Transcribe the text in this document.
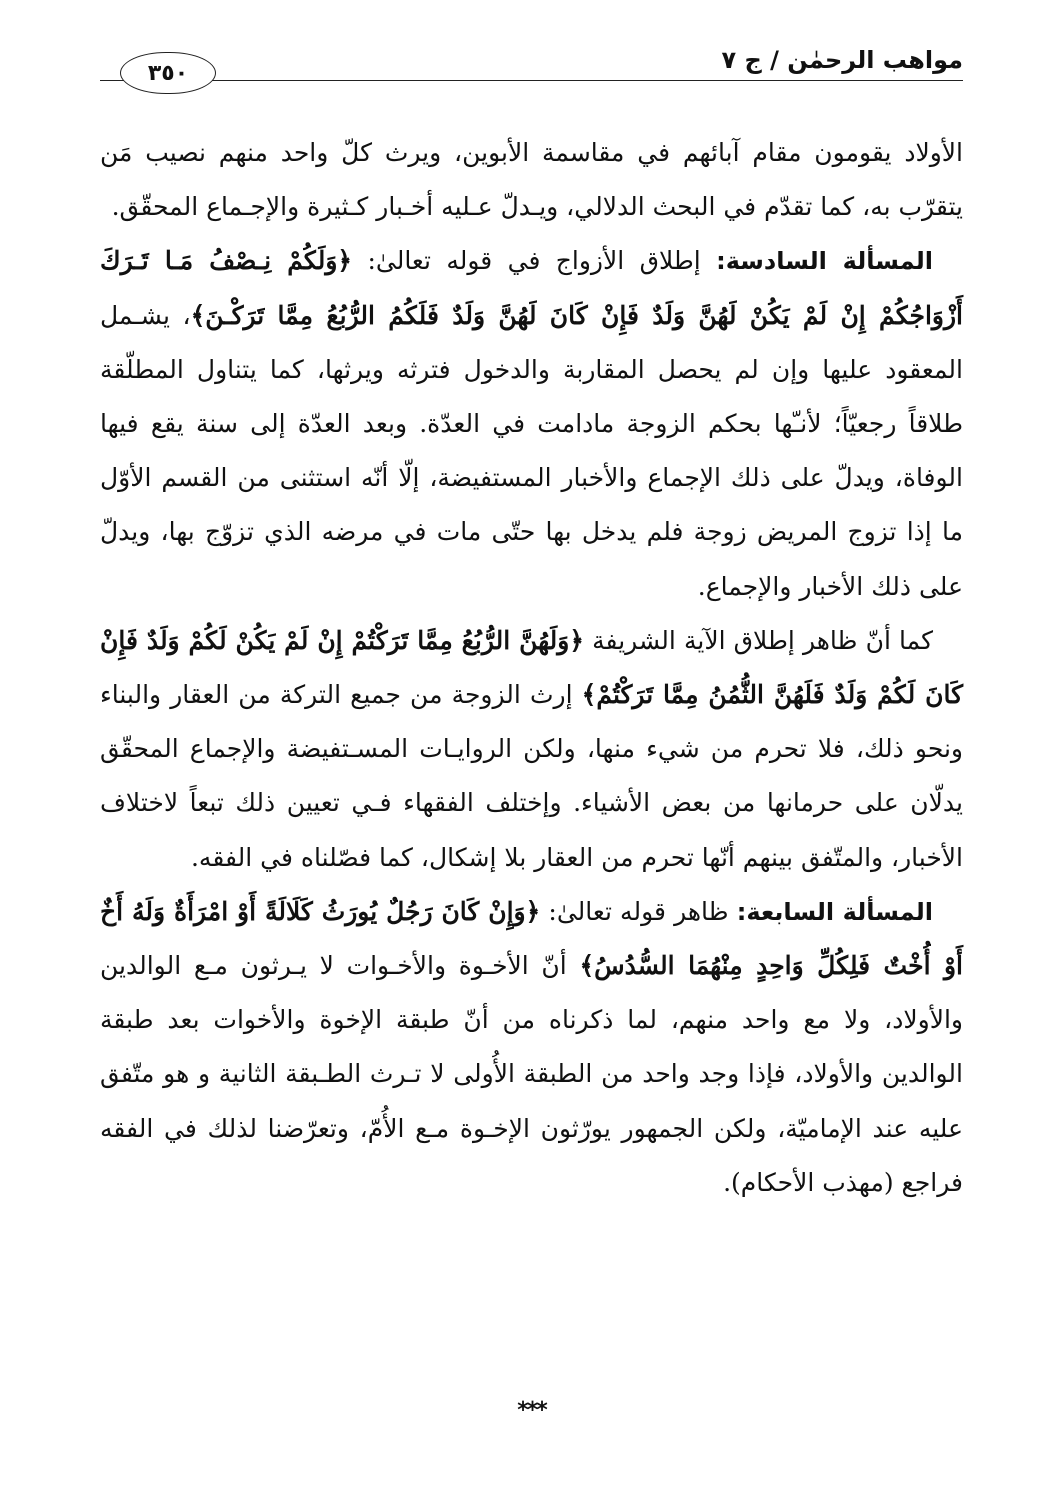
مواهب الرحمٰن / ج ٧
٣٥٠

الأولاد يقومون مقام آبائهم في مقاسمة الأبوين، ويرث كلّ واحد منهم نصيب مَن يتقرّب به، كما تقدّم في البحث الدلالي، ويـدلّ عـليه أخـبار كـثيرة والإجـماع المحقّق.

المسألة السادسة: إطلاق الأزواج في قوله تعالىٰ: ﴿وَلَكُمْ نِـصْفُ مَـا تَـرَكَ أَزْوَاجُكُمْ إِنْ لَمْ يَكُنْ لَهُنَّ وَلَدٌ فَإِنْ كَانَ لَهُنَّ وَلَدٌ فَلَكُمُ الرُّبُعُ مِمَّا تَرَكْـنَ﴾، يشـمل المعقود عليها وإن لم يحصل المقاربة والدخول فترثه ويرثها، كما يتناول المطلّقة طلاقاً رجعيّاً؛ لأنـّها بحكم الزوجة مادامت في العدّة. وبعد العدّة إلى سنة يقع فيها الوفاة، ويدلّ على ذلك الإجماع والأخبار المستفيضة، إلّا أنّه استثنى من القسم الأوّل ما إذا تزوج المريض زوجة فلم يدخل بها حتّى مات في مرضه الذي تزوّج بها، ويدلّ على ذلك الأخبار والإجماع.

كما أنّ ظاهر إطلاق الآية الشريفة ﴿وَلَهُنَّ الرُّبُعُ مِمَّا تَرَكْتُمْ إِنْ لَمْ يَكُنْ لَكُمْ وَلَدٌ فَإِنْ كَانَ لَكُمْ وَلَدٌ فَلَهُنَّ الثُّمُنُ مِمَّا تَرَكْتُمْ﴾ إرث الزوجة من جميع التركة من العقار والبناء ونحو ذلك، فلا تحرم من شيء منها، ولكن الروايـات المسـتفيضة والإجماع المحقّق يدلّان على حرمانها من بعض الأشياء. وإختلف الفقهاء فـي تعيين ذلك تبعاً لاختلاف الأخبار، والمتّفق بينهم أنّها تحرم من العقار بلا إشكال، كما فصّلناه في الفقه.

المسألة السابعة: ظاهر قوله تعالىٰ: ﴿وَإِنْ كَانَ رَجُلٌ يُورَثُ كَلَالَةً أَوْ امْرَأَةٌ وَلَهُ أَخٌ أَوْ أُخْتٌ فَلِكُلِّ وَاحِدٍ مِنْهُمَا السُّدُسُ﴾ أنّ الأخـوة والأخـوات لا يـرثون مـع الوالدين والأولاد، ولا مع واحد منهم، لما ذكرناه من أنّ طبقة الإخوة والأخوات بعد طبقة الوالدين والأولاد، فإذا وجد واحد من الطبقة الأُولى لا تـرث الطـبقة الثانية و هو متّفق عليه عند الإماميّة، ولكن الجمهور يورّثون الإخـوة مـع الأُمّ، وتعرّضنا لذلك في الفقه فراجع (مهذب الأحكام).

***
